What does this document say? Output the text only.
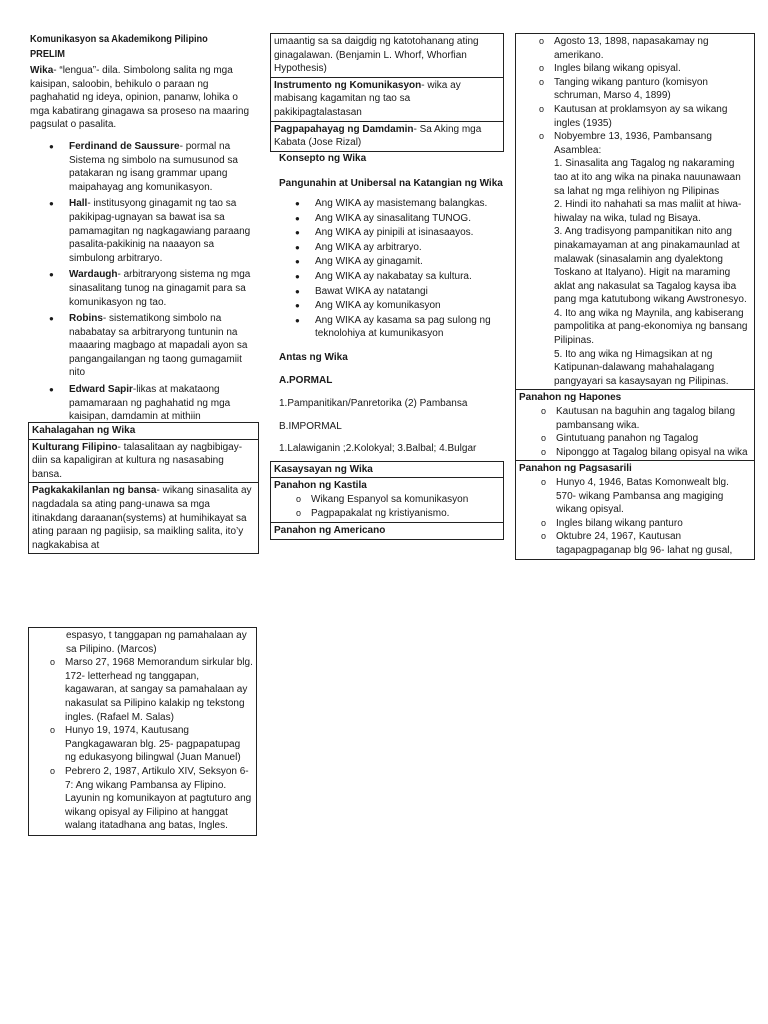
Komunikasyon sa Akademikong Pilipino
PRELIM

Wika- “lengua”- dila. Simbolong salita ng mga kaisipan, saloobin, behikulo o paraan ng paghahatid ng ideya, opinion, pananw, lohika o mga kabatirang ginagawa sa proseso na maaring pagsulat o pasalita.

● Ferdinand de Saussure- pormal na Sistema ng simbolo na sumusunod sa patakaran ng isang grammar upang maipahayag ang komunikasyon.
● Hall- institusyong ginagamit ng tao sa pakikipag-ugnayan sa bawat isa sa pamamagitan ng nagkagawiang paraang pasalita-pakikinig na naaayon sa simbulong arbitraryo.
● Wardaugh- arbitraryong sistema ng mga sinasalitang tunog na ginagamit para sa komunikasyon ng tao.
● Robins- sistematikong simbolo na nababatay sa arbitraryong tuntunin na maaaring magbago at mapadali ayon sa pangangailangan ng taong gumagamiit nito
● Edward Sapir-likas at makataong pamamaraan ng paghahatid ng mga kaisipan, damdamin at mithiin
Kahalagahan ng Wika
Kulturang Filipino- talasalitaan ay nagbibigay-diin sa kapaligiran at kultura ng nasasabing bansa.
Pagkakakilanlan ng bansa- wikang sinasalita ay nagdadala sa ating pang-unawa sa mga itinakdang daraanan(systems) at humihikayat sa ating paraan ng pagiisip, sa maikling salita, ito’y nagkakabisa at
umaantig sa sa daigdig ng katotohanang ating ginagalawan. (Benjamin L. Whorf, Whorfian Hypothesis)
Instrumento ng Komunikasyon- wika ay mabisang kagamitan ng tao sa pakikipagtalastasan
Pagpapahayag ng Damdamin- Sa Aking mga Kabata (Jose Rizal)
Konsepto ng Wika
Pangunahin at Unibersal na Katangian ng Wika
● Ang WIKA ay masistemang balangkas.
● Ang WIKA ay sinasalitang TUNOG.
● Ang WIKA ay pinipili at isinasaayos.
● Ang WIKA ay arbitraryo.
● Ang WIKA ay ginagamit.
● Ang WIKA ay nakabatay sa kultura.
● Bawat WIKA ay natatangi
● Ang WIKA ay komunikasyon
● Ang WIKA ay kasama sa pag sulong ng teknolohiya at kumunikasyon
Antas ng Wika
A.PORMAL
1.Pampanitikan/Panretorika (2) Pambansa
B.IMPORMAL
1.Lalawiganin ;2.Kolokyal; 3.Balbal; 4.Bulgar
Kasaysayan ng Wika
Panahon ng Kastila
o Wikang Espanyol sa komunikasyon
o Pagpapakalat ng kristiyanismo.
Panahon ng Americano
o Agosto 13, 1898, napasakamay ng amerikano.
o Ingles bilang wikang opisyal.
o Tanging wikang panturo (komisyon schruman, Marso 4, 1899)
o Kautusan at proklamsyon ay sa wikang ingles (1935)
o Nobyembre 13, 1936, Pambansang Asamblea:
1. Sinasalita ang Tagalog ng nakaraming tao at ito ang wika na pinaka nauunawaan sa lahat ng mga relihiyon ng Pilipinas
2. Hindi ito nahahati sa mas maliit at hiwa-hiwalay na wika, tulad ng Bisaya.
3. Ang tradisyong pampanitikan nito ang pinakamayaman at ang pinakamaunlad at malawak (sinasalamin ang dyalektong Toskano at Italyano). Higit na maraming aklat ang nakasulat sa Tagalog kaysa iba pang mga katutubong wikang Awstronesyo.
4. Ito ang wika ng Maynila, ang kabiserang pampolitika at pang-ekonomiya ng bansang Pilipinas.
5. Ito ang wika ng Himagsikan at ng Katipunan-dalawang mahahalagang pangyayari sa kasaysayan ng Pilipinas.
Panahon ng Hapones
o Kautusan na baguhin ang tagalog bilang pambansang wika.
o Gintutuang panahon ng Tagalog
o Niponggo at Tagalog bilang opisyal na wika
Panahon ng Pagsasarili
o Hunyo 4, 1946, Batas Komonwealt blg. 570- wikang Pambansa ang magiging wikang opisyal.
o Ingles bilang wikang panturo
o Oktubre 24, 1967, Kautusan tagapagpaganap blg 96- lahat ng gusal,
espasyo, t tanggapan ng pamahalaan ay sa Pilipino. (Marcos)
o Marso 27, 1968 Memorandum sirkular blg. 172- letterhead ng tanggapan, kagawaran, at sangay sa pamahalaan ay nakasulat sa Pilipino kalakip ng tekstong ingles. (Rafael M. Salas)
o Hunyo 19, 1974, Kautusang Pangkagawaran blg. 25- pagpapatupag ng edukasyong bilingwal (Juan Manuel)
o Pebrero 2, 1987, Artikulo XIV, Seksyon 6-7: Ang wikang Pambansa ay Flipino. Layunin ng komunikayon at pagtuturo ang wikang opisyal ay Filipino at hanggat walang itatadhana ang batas, Ingles.
